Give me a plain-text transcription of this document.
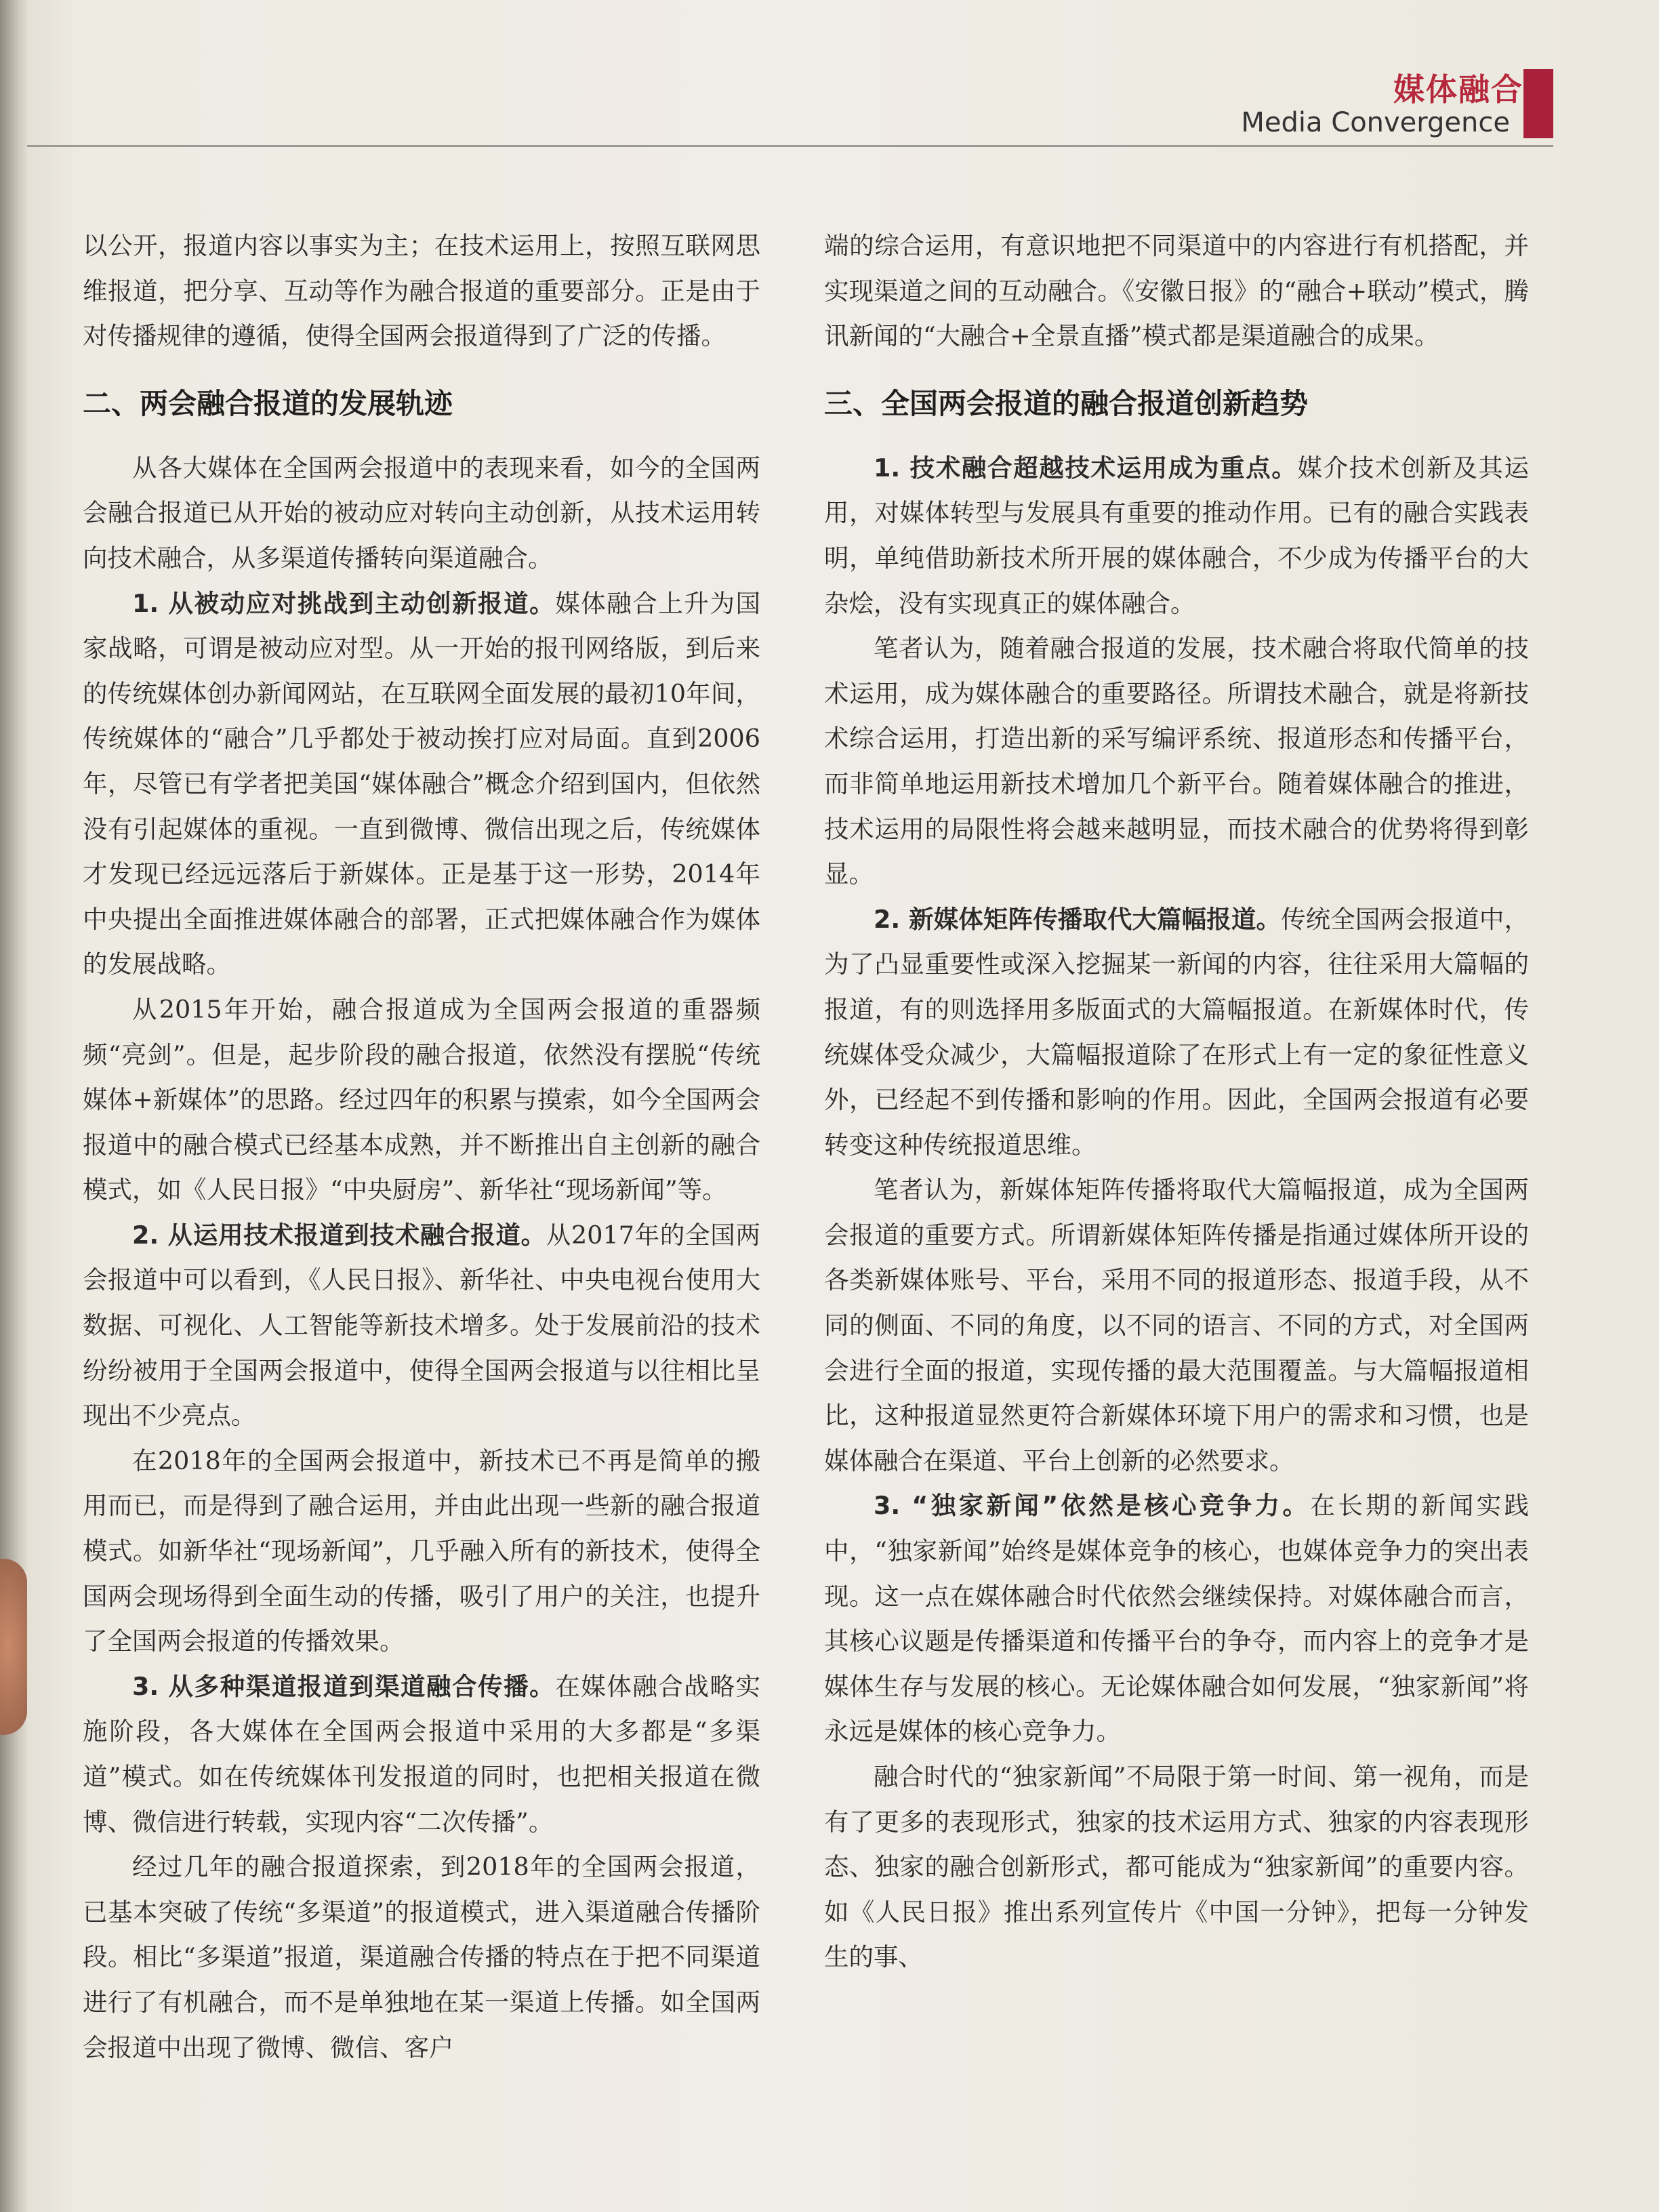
媒体融合
Media Convergence

以公开，报道内容以事实为主；在技术运用上，按照互联网思维报道，把分享、互动等作为融合报道的重要部分。正是由于对传播规律的遵循，使得全国两会报道得到了广泛的传播。

二、两会融合报道的发展轨迹

从各大媒体在全国两会报道中的表现来看，如今的全国两会融合报道已从开始的被动应对转向主动创新，从技术运用转向技术融合，从多渠道传播转向渠道融合。

1. 从被动应对挑战到主动创新报道。媒体融合上升为国家战略，可谓是被动应对型。从一开始的报刊网络版，到后来的传统媒体创办新闻网站，在互联网全面发展的最初10年间，传统媒体的“融合”几乎都处于被动挨打应对局面。直到2006年，尽管已有学者把美国“媒体融合”概念介绍到国内，但依然没有引起媒体的重视。一直到微博、微信出现之后，传统媒体才发现已经远远落后于新媒体。正是基于这一形势，2014年中央提出全面推进媒体融合的部署，正式把媒体融合作为媒体的发展战略。

从2015年开始，融合报道成为全国两会报道的重器频频“亮剑”。但是，起步阶段的融合报道，依然没有摆脱“传统媒体+新媒体”的思路。经过四年的积累与摸索，如今全国两会报道中的融合模式已经基本成熟，并不断推出自主创新的融合模式，如《人民日报》“中央厨房”、新华社“现场新闻”等。

2. 从运用技术报道到技术融合报道。从2017年的全国两会报道中可以看到，《人民日报》、新华社、中央电视台使用大数据、可视化、人工智能等新技术增多。处于发展前沿的技术纷纷被用于全国两会报道中，使得全国两会报道与以往相比呈现出不少亮点。

在2018年的全国两会报道中，新技术已不再是简单的搬用而已，而是得到了融合运用，并由此出现一些新的融合报道模式。如新华社“现场新闻”，几乎融入所有的新技术，使得全国两会现场得到全面生动的传播，吸引了用户的关注，也提升了全国两会报道的传播效果。

3. 从多种渠道报道到渠道融合传播。在媒体融合战略实施阶段，各大媒体在全国两会报道中采用的大多都是“多渠道”模式。如在传统媒体刊发报道的同时，也把相关报道在微博、微信进行转载，实现内容“二次传播”。

经过几年的融合报道探索，到2018年的全国两会报道，已基本突破了传统“多渠道”的报道模式，进入渠道融合传播阶段。相比“多渠道”报道，渠道融合传播的特点在于把不同渠道进行了有机融合，而不是单独地在某一渠道上传播。如全国两会报道中出现了微博、微信、客户

端的综合运用，有意识地把不同渠道中的内容进行有机搭配，并实现渠道之间的互动融合。《安徽日报》的“融合+联动”模式，腾讯新闻的“大融合+全景直播”模式都是渠道融合的成果。

三、全国两会报道的融合报道创新趋势

1. 技术融合超越技术运用成为重点。媒介技术创新及其运用，对媒体转型与发展具有重要的推动作用。已有的融合实践表明，单纯借助新技术所开展的媒体融合，不少成为传播平台的大杂烩，没有实现真正的媒体融合。

笔者认为，随着融合报道的发展，技术融合将取代简单的技术运用，成为媒体融合的重要路径。所谓技术融合，就是将新技术综合运用，打造出新的采写编评系统、报道形态和传播平台，而非简单地运用新技术增加几个新平台。随着媒体融合的推进，技术运用的局限性将会越来越明显，而技术融合的优势将得到彰显。

2. 新媒体矩阵传播取代大篇幅报道。传统全国两会报道中，为了凸显重要性或深入挖掘某一新闻的内容，往往采用大篇幅的报道，有的则选择用多版面式的大篇幅报道。在新媒体时代，传统媒体受众减少，大篇幅报道除了在形式上有一定的象征性意义外，已经起不到传播和影响的作用。因此，全国两会报道有必要转变这种传统报道思维。

笔者认为，新媒体矩阵传播将取代大篇幅报道，成为全国两会报道的重要方式。所谓新媒体矩阵传播是指通过媒体所开设的各类新媒体账号、平台，采用不同的报道形态、报道手段，从不同的侧面、不同的角度，以不同的语言、不同的方式，对全国两会进行全面的报道，实现传播的最大范围覆盖。与大篇幅报道相比，这种报道显然更符合新媒体环境下用户的需求和习惯，也是媒体融合在渠道、平台上创新的必然要求。

3. “独家新闻”依然是核心竞争力。在长期的新闻实践中，“独家新闻”始终是媒体竞争的核心，也媒体竞争力的突出表现。这一点在媒体融合时代依然会继续保持。对媒体融合而言，其核心议题是传播渠道和传播平台的争夺，而内容上的竞争才是媒体生存与发展的核心。无论媒体融合如何发展，“独家新闻”将永远是媒体的核心竞争力。

融合时代的“独家新闻”不局限于第一时间、第一视角，而是有了更多的表现形式，独家的技术运用方式、独家的内容表现形态、独家的融合创新形式，都可能成为“独家新闻”的重要内容。如《人民日报》推出系列宣传片《中国一分钟》，把每一分钟发生的事、
